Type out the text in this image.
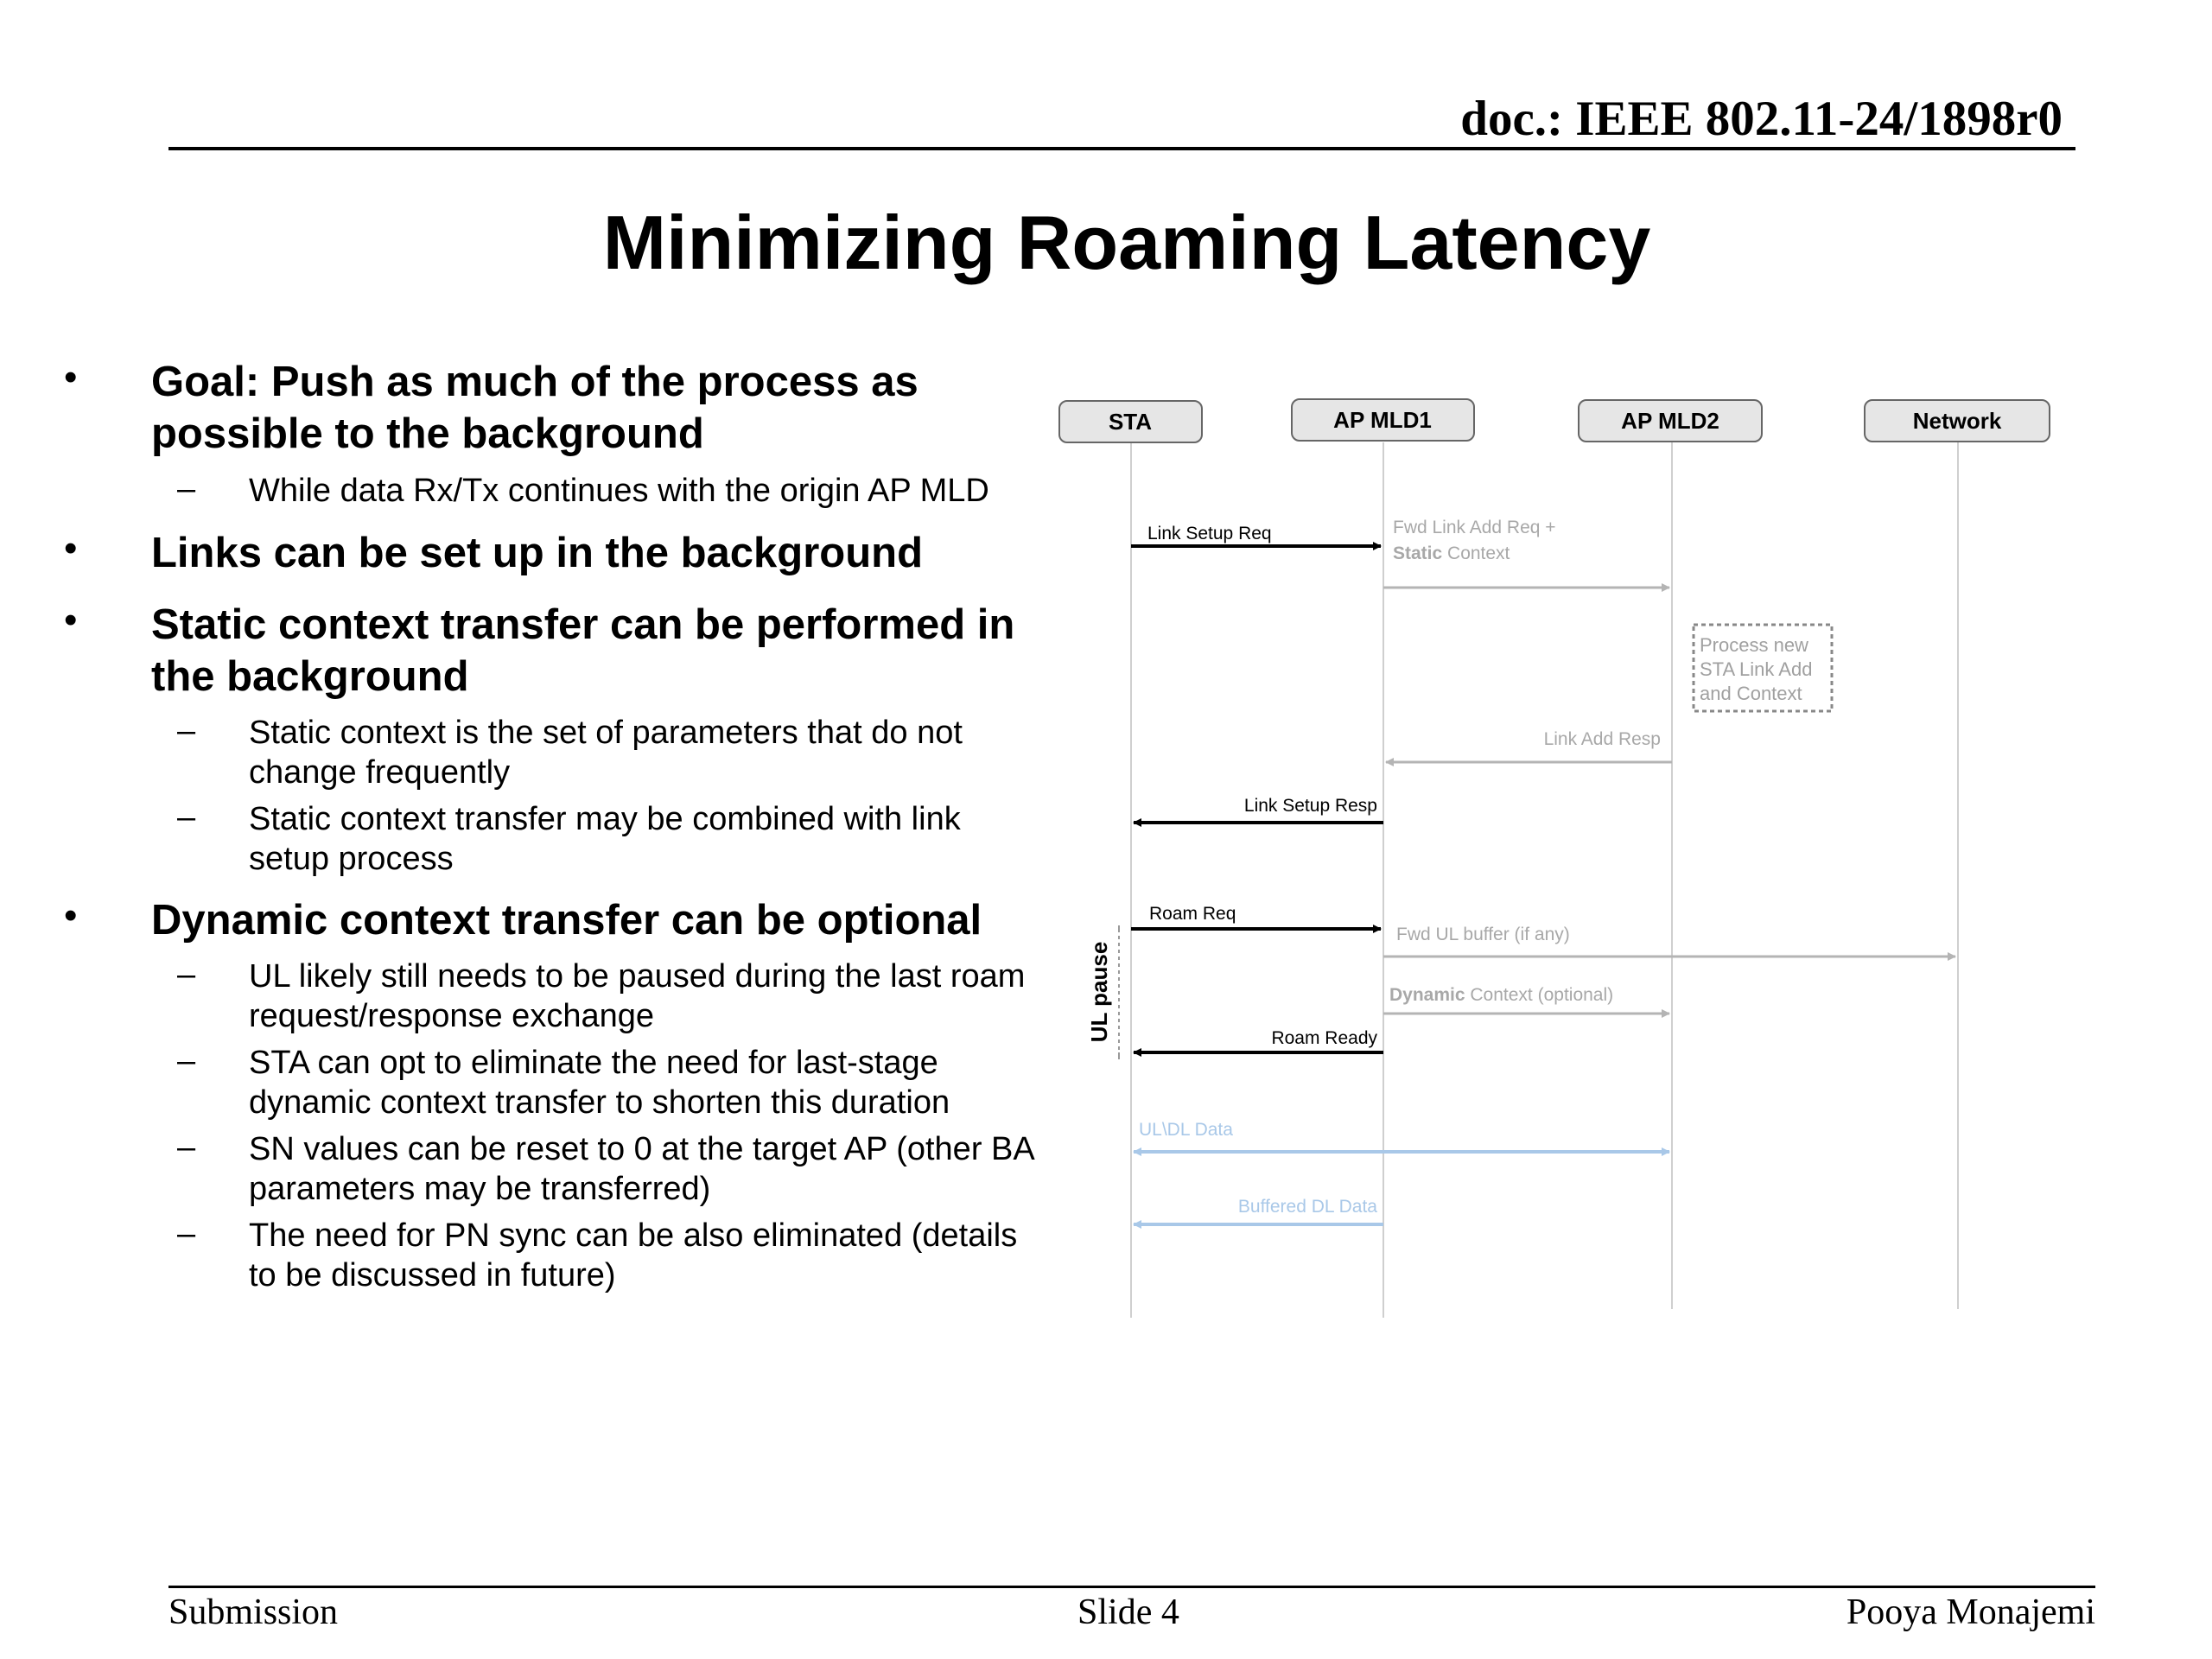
doc.: IEEE 802.11-24/1898r0
Minimizing Roaming Latency
• Goal: Push as much of the process as possible to the background
– While data Rx/Tx continues with the origin AP MLD
• Links can be set up in the background
• Static context transfer can be performed in the background
– Static context is the set of parameters that do not change frequently
– Static context transfer may be combined with link setup process
• Dynamic context transfer can be optional
– UL likely still needs to be paused during the last roam request/response exchange
– STA can opt to eliminate the need for last-stage dynamic context transfer to shorten this duration
– SN values can be reset to 0 at the target AP (other BA parameters may be transferred)
– The need for PN sync can be also eliminated (details to be discussed in future)
STA	AP MLD1	AP MLD2	Network
Link Setup Req	Fwd Link Add Req +
Static Context
Process new
STA Link Add
and Context
Link Add Resp
Link Setup Resp
Roam Req
Fwd UL buffer (if any)
Dynamic Context (optional)
Roam Ready
UL pause
UL\DL Data
Buffered DL Data
Submission	Slide 4	Pooya Monajemi
